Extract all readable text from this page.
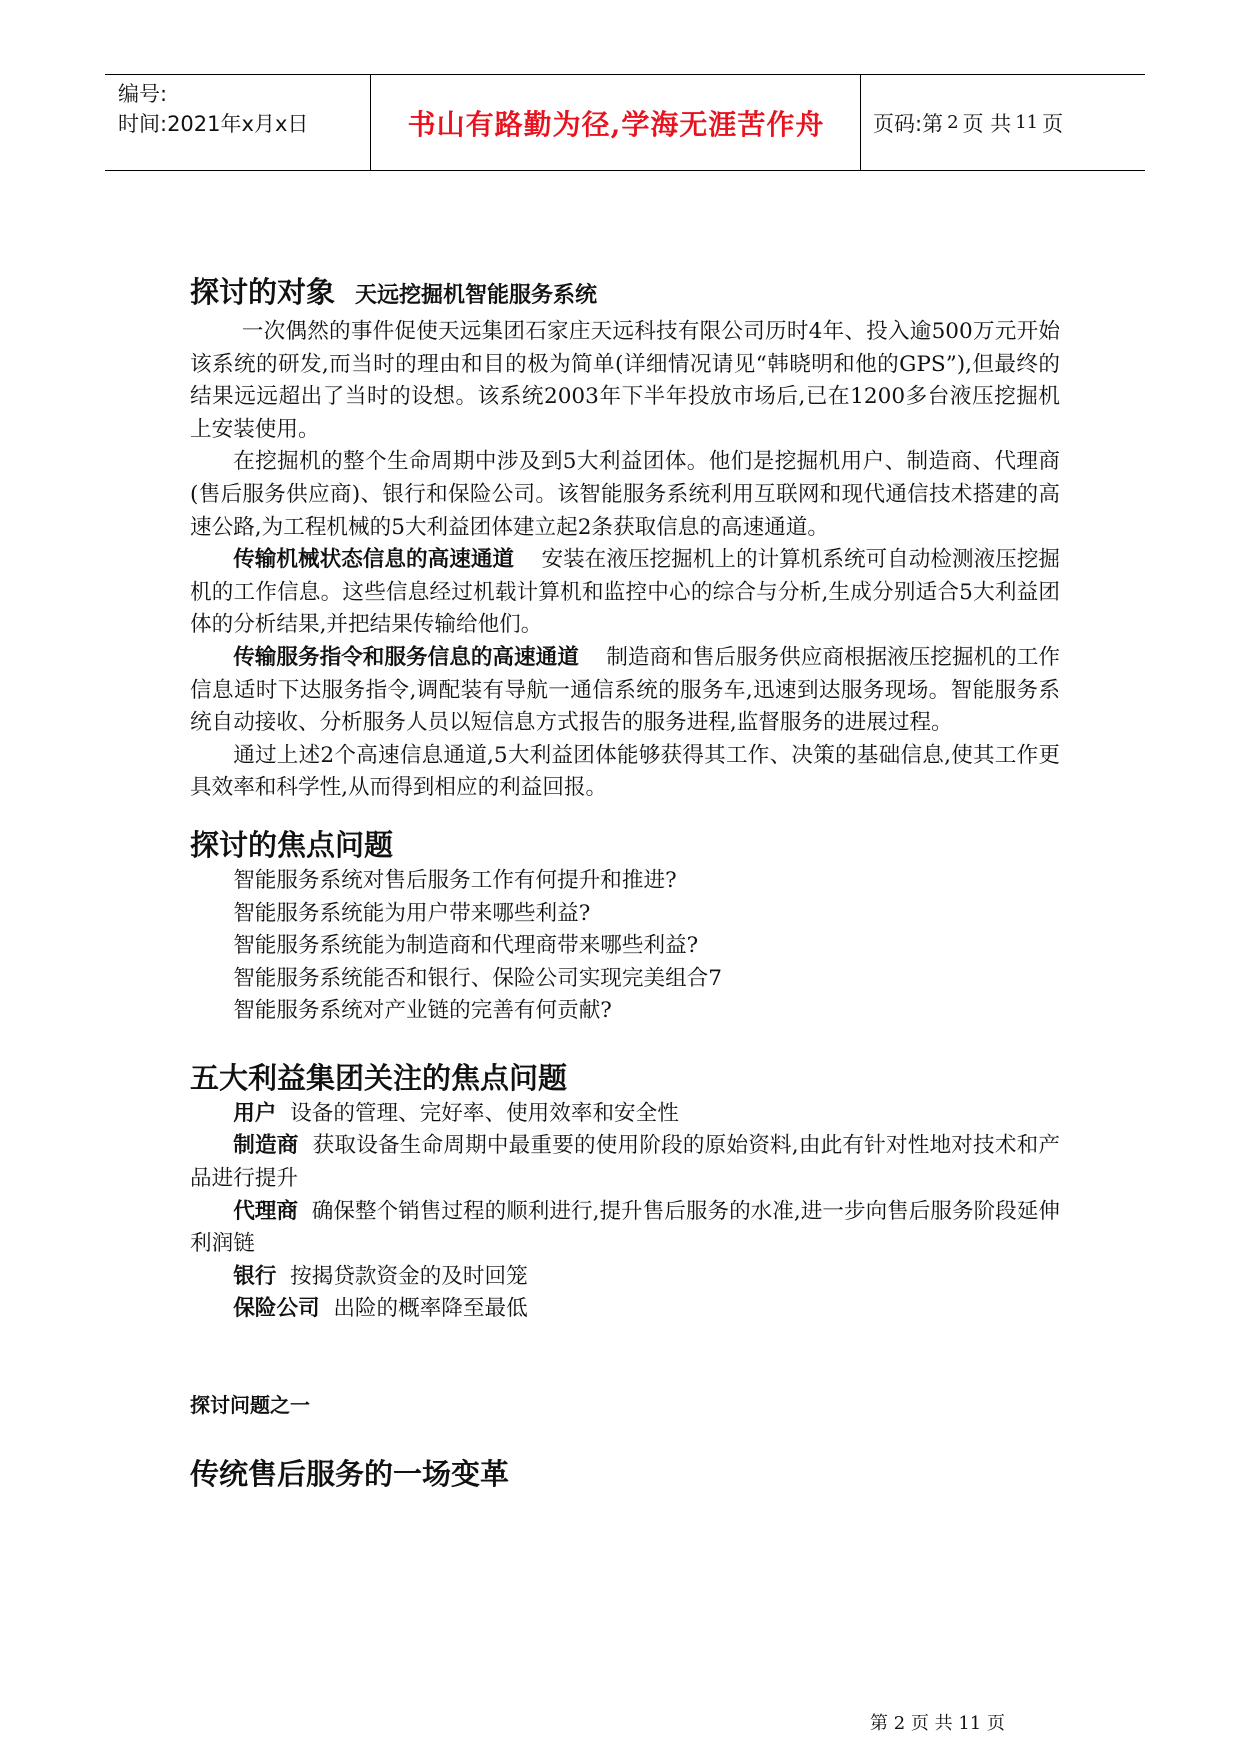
编号:
时间:2021年x月x日	书山有路勤为径,学海无涯苦作舟	页码:第 2 页 共 11 页
探讨的对象 天远挖掘机智能服务系统

一次偶然的事件促使天远集团石家庄天远科技有限公司历时4年、投入逾500万元开始该系统的研发,而当时的理由和目的极为简单(详细情况请见“韩晓明和他的GPS”),但最终的结果远远超出了当时的设想。该系统2003年下半年投放市场后,已在1200多台液压挖掘机上安装使用。

在挖掘机的整个生命周期中涉及到5大利益团体。他们是挖掘机用户、制造商、代理商(售后服务供应商)、银行和保险公司。该智能服务系统利用互联网和现代通信技术搭建的高速公路,为工程机械的5大利益团体建立起2条获取信息的高速通道。

传输机械状态信息的高速通道 安装在液压挖掘机上的计算机系统可自动检测液压挖掘机的工作信息。这些信息经过机载计算机和监控中心的综合与分析,生成分别适合5大利益团体的分析结果,并把结果传输给他们。

传输服务指令和服务信息的高速通道 制造商和售后服务供应商根据液压挖掘机的工作信息适时下达服务指令,调配装有导航一通信系统的服务车,迅速到达服务现场。智能服务系统自动接收、分析服务人员以短信息方式报告的服务进程,监督服务的进展过程。

通过上述2个高速信息通道,5大利益团体能够获得其工作、决策的基础信息,使其工作更具效率和科学性,从而得到相应的利益回报。

探讨的焦点问题
智能服务系统对售后服务工作有何提升和推进?
智能服务系统能为用户带来哪些利益?
智能服务系统能为制造商和代理商带来哪些利益?
智能服务系统能否和银行、保险公司实现完美组合7
智能服务系统对产业链的完善有何贡献?
五大利益集团关注的焦点问题

用户 设备的管理、完好率、使用效率和安全性

制造商 获取设备生命周期中最重要的使用阶段的原始资料,由此有针对性地对技术和产品进行提升

代理商 确保整个销售过程的顺利进行,提升售后服务的水准,进一步向售后服务阶段延伸利润链

银行 按揭贷款资金的及时回笼

保险公司 出险的概率降至最低

探讨问题之一

传统售后服务的一场变革
第 2 页 共 11 页
